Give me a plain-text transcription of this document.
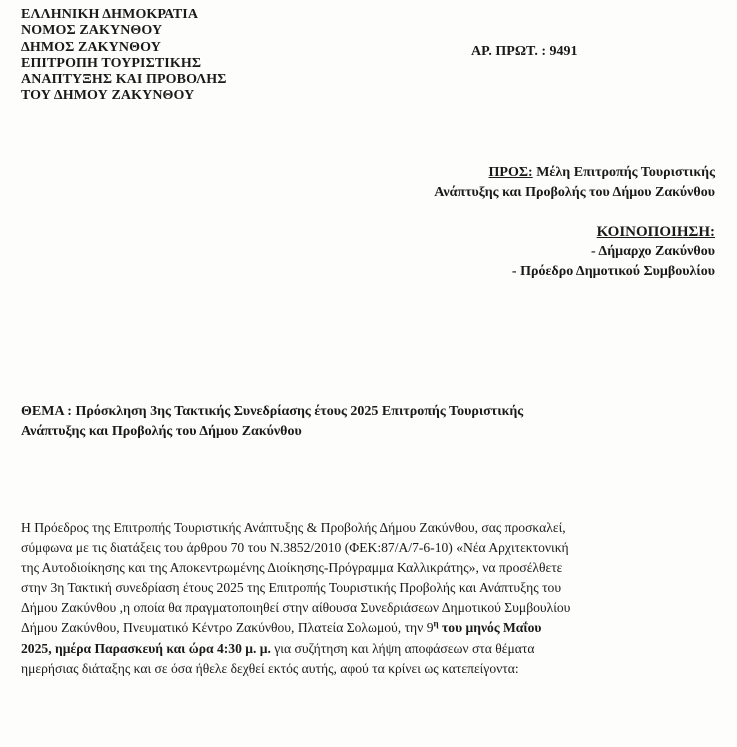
ΕΛΛΗΝΙΚΗ ΔΗΜΟΚΡΑΤΙΑ
ΝΟΜΟΣ ΖΑΚΥΝΘΟΥ
ΔΗΜΟΣ ΖΑΚΥΝΘΟΥ
ΕΠΙΤΡΟΠΗ ΤΟΥΡΙΣΤΙΚΗΣ
ΑΝΑΠΤΥΞΗΣ ΚΑΙ ΠΡΟΒΟΛΗΣ
ΤΟΥ ΔΗΜΟΥ ΖΑΚΥΝΘΟΥ
ΑΡ. ΠΡΩΤ. : 9491
ΠΡΟΣ: Μέλη Επιτροπής Τουριστικής
Ανάπτυξης και Προβολής του Δήμου Ζακύνθου
ΚΟΙΝΟΠΟΙΗΣΗ:
- Δήμαρχο Ζακύνθου
- Πρόεδρο Δημοτικού Συμβουλίου
ΘΕΜΑ : Πρόσκληση 3ης Τακτικής Συνεδρίασης έτους 2025 Επιτροπής Τουριστικής
Ανάπτυξης και Προβολής του Δήμου Ζακύνθου
Η Πρόεδρος της Επιτροπής Τουριστικής Ανάπτυξης & Προβολής Δήμου Ζακύνθου, σας προσκαλεί,
σύμφωνα με τις διατάξεις του άρθρου 70 του Ν.3852/2010 (ΦΕΚ:87/Α/7-6-10) «Νέα Αρχιτεκτονική
της Αυτοδιοίκησης και της Αποκεντρωμένης Διοίκησης-Πρόγραμμα Καλλικράτης», να προσέλθετε
στην 3η Τακτική συνεδρίαση έτους 2025 της Επιτροπής Τουριστικής Προβολής και Ανάπτυξης του
Δήμου Ζακύνθου ,η οποία θα πραγματοποιηθεί στην αίθουσα Συνεδριάσεων Δημοτικού Συμβουλίου
Δήμου Ζακύνθου, Πνευματικό Κέντρο Ζακύνθου, Πλατεία Σολωμού, την $9^\eta$ του μηνός Μαΐου
2025, ημέρα Παρασκευή και ώρα 4:30 μ. μ. για συζήτηση και λήψη αποφάσεων στα θέματα
ημερήσιας διάταξης και σε όσα ήθελε δεχθεί εκτός αυτής, αφού τα κρίνει ως κατεπείγοντα:
